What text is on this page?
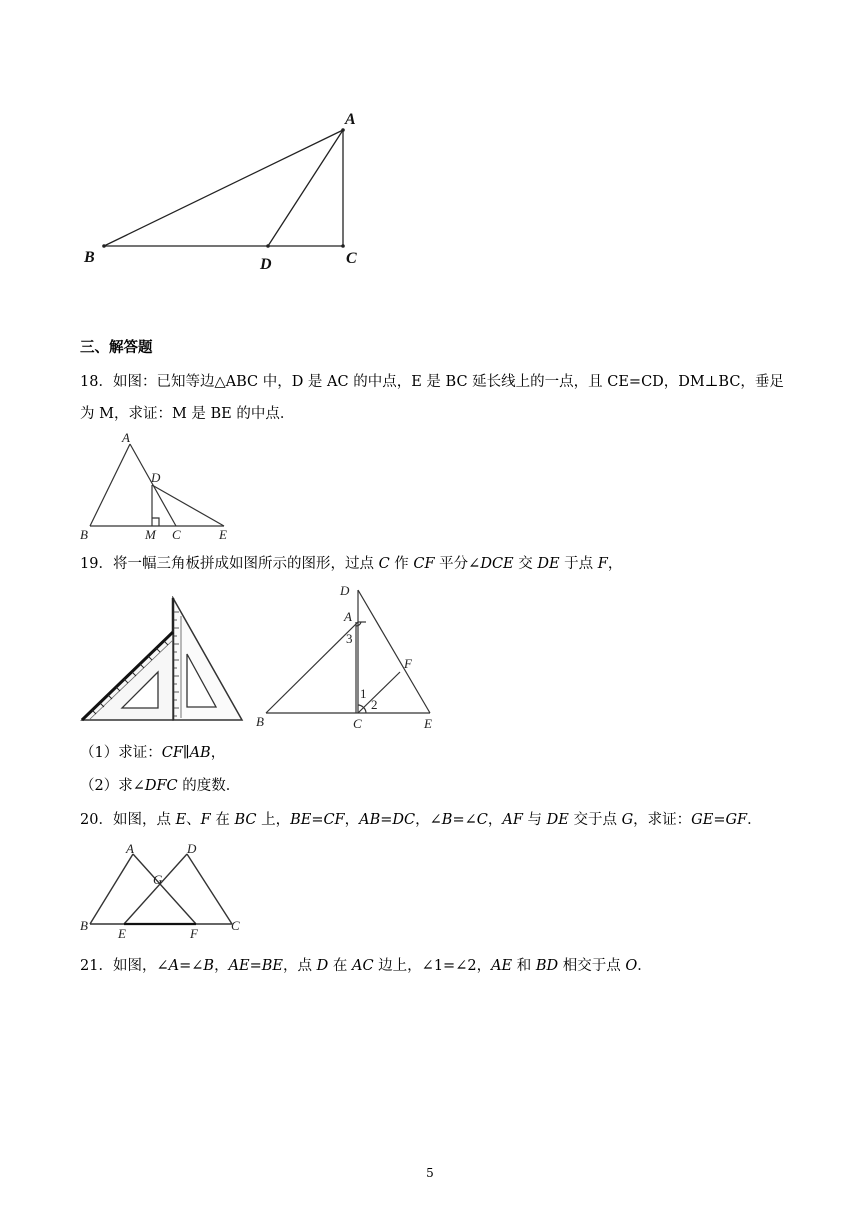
A
B	C
D
三、解答题
18．如图：已知等边△ABC 中，D 是 AC 的中点，E 是 BC 延长线上的一点，且 CE=CD，DM⊥BC，垂足
为 M，求证：M 是 BE 的中点．
A
B	C
D
E
M
19．将一幅三角板拼成如图所示的图形，过点 C 作 CF 平分∠DCE 交 DE 于点 F，
D
A
B	C	E
F
1
2
3
（1）求证：CF∥AB，
（2）求∠DFC 的度数．
20．如图，点 E、F 在 BC 上，BE=CF，AB=DC，∠B=∠C，AF 与 DE 交于点 G，求证：GE=GF．
A
B	C
D
E	F
G
21．如图，∠A=∠B，AE=BE，点 D 在 AC 边上，∠1=∠2，AE 和 BD 相交于点 O．
5
